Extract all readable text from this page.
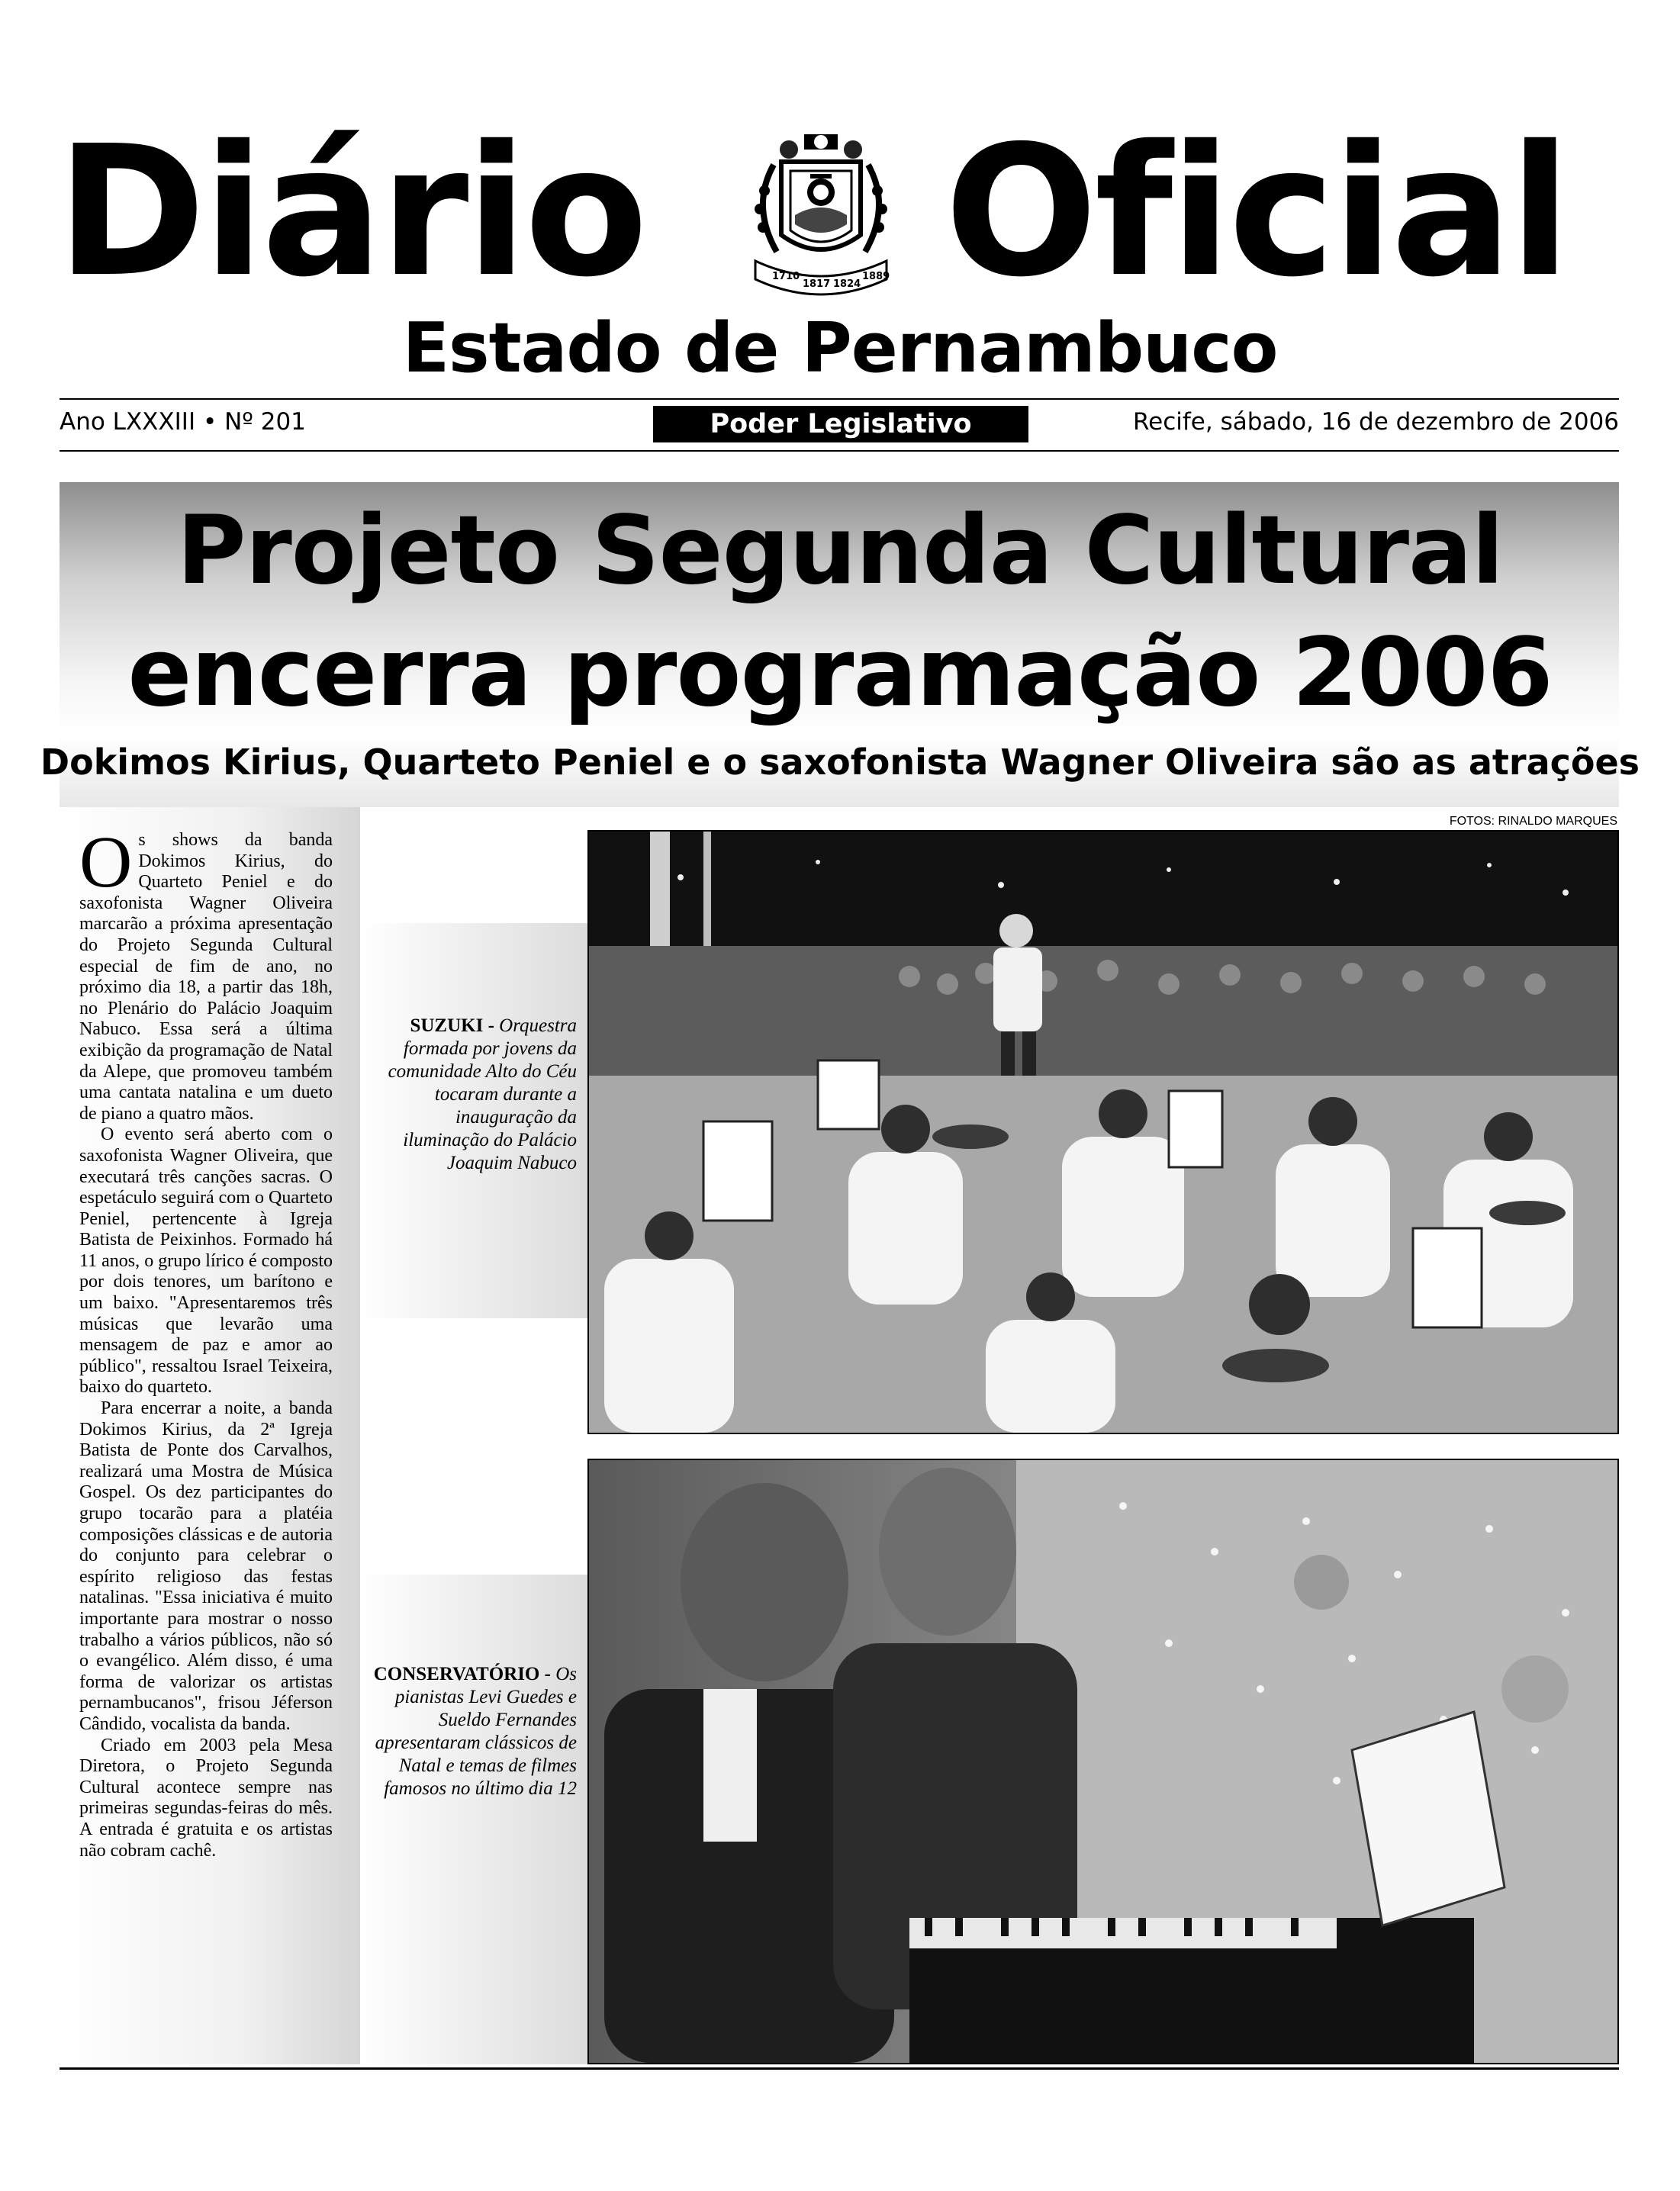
Diário	1710
1817 1824
1889 Oficial
Estado de Pernambuco
Ano LXXXIII • Nº 201	Poder Legislativo	Recife, sábado, 16 de dezembro de 2006
Projeto Segunda Cultural
encerra programação 2006
Dokimos Kirius, Quarteto Peniel e o saxofonista Wagner Oliveira são as atrações

Os shows da banda Dokimos Kirius, do Quarteto Peniel e do saxofonista Wagner Oliveira marcarão a próxima apresentação do Projeto Segunda Cultural especial de fim de ano, no próximo dia 18, a partir das 18h, no Plenário do Palácio Joaquim Nabuco. Essa será a última exibição da programação de Natal da Alepe, que promoveu também uma cantata natalina e um dueto de piano a quatro mãos.

O evento será aberto com o saxofonista Wagner Oliveira, que executará três canções sacras. O espetáculo seguirá com o Quarteto Peniel, pertencente à Igreja Batista de Peixinhos. Formado há 11 anos, o grupo lírico é composto por dois tenores, um barítono e um baixo. "Apresentaremos três músicas que levarão uma mensagem de paz e amor ao público", ressaltou Israel Teixeira, baixo do quarteto.

Para encerrar a noite, a banda Dokimos Kirius, da 2ª Igreja Batista de Ponte dos Carvalhos, realizará uma Mostra de Música Gospel. Os dez participantes do grupo tocarão para a platéia composições clássicas e de autoria do conjunto para celebrar o espírito religioso das festas natalinas. "Essa iniciativa é muito importante para mostrar o nosso trabalho a vários públicos, não só o evangélico. Além disso, é uma forma de valorizar os artistas pernambucanos", frisou Jéferson Cândido, vocalista da banda.

Criado em 2003 pela Mesa Diretora, o Projeto Segunda Cultural acontece sempre nas primeiras segundas-feiras do mês. A entrada é gratuita e os artistas não cobram cachê.

FOTOS: RINALDO MARQUES
SUZUKI - Orquestra formada por jovens da comunidade Alto do Céu tocaram durante a inauguração da iluminação do Palácio Joaquim Nabuco
CONSERVATÓRIO - Os pianistas Levi Guedes e Sueldo Fernandes apresentaram clássicos de Natal e temas de filmes famosos no último dia 12
